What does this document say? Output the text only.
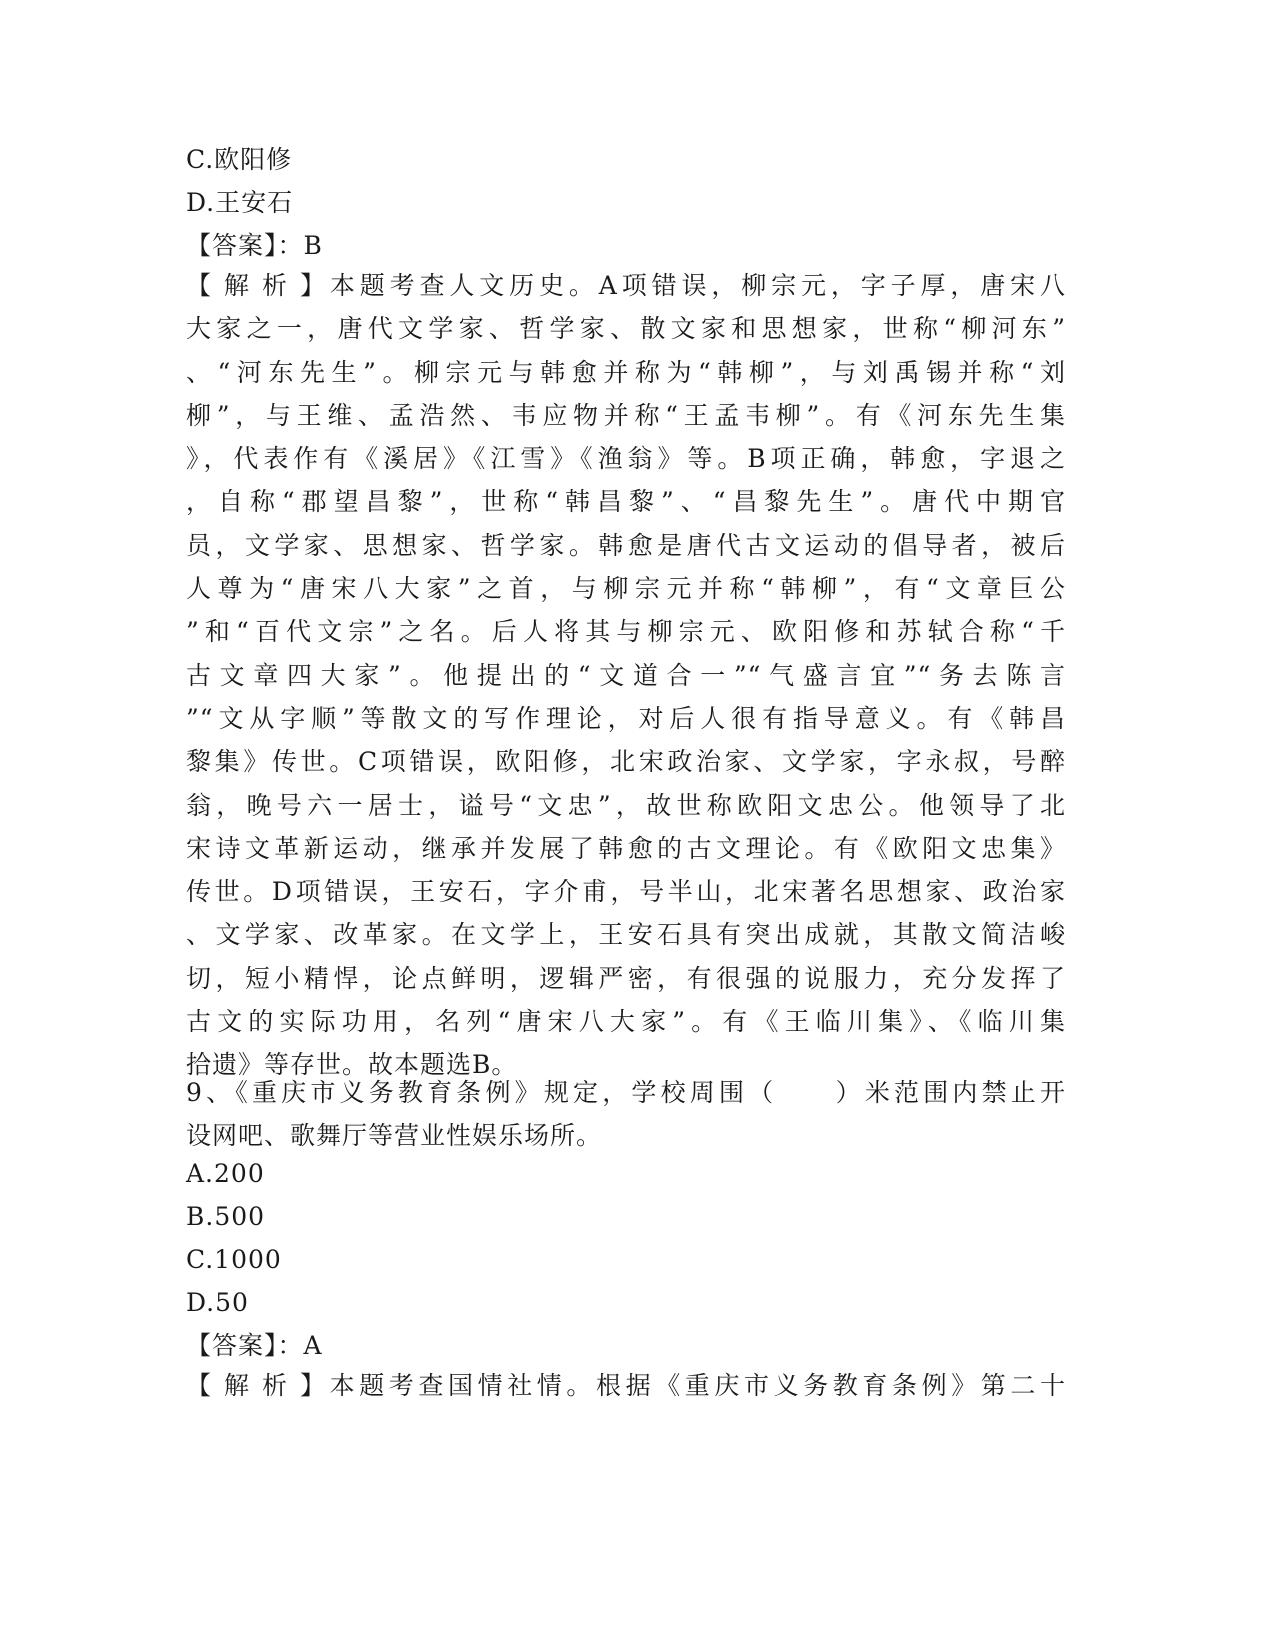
C.欧阳修
D.王安石
【答案】：B
【解析】本题考查人文历史。A项错误，柳宗元，字子厚，唐宋八
大家之一，唐代文学家、哲学家、散文家和思想家，世称“柳河东”
、“河东先生”。柳宗元与韩愈并称为“韩柳”，与刘禹锡并称“刘
柳”，与王维、孟浩然、韦应物并称“王孟韦柳”。有《河东先生集
》，代表作有《溪居》《江雪》《渔翁》等。B项正确，韩愈，字退之
，自称“郡望昌黎”，世称“韩昌黎”、“昌黎先生”。唐代中期官
员，文学家、思想家、哲学家。韩愈是唐代古文运动的倡导者，被后
人尊为“唐宋八大家”之首，与柳宗元并称“韩柳”，有“文章巨公
”和“百代文宗”之名。后人将其与柳宗元、欧阳修和苏轼合称“千
古文章四大家”。他提出的“文道合一”“气盛言宜”“务去陈言
”“文从字顺”等散文的写作理论，对后人很有指导意义。有《韩昌
黎集》传世。C项错误，欧阳修，北宋政治家、文学家，字永叔，号醉
翁，晚号六一居士，谥号“文忠”，故世称欧阳文忠公。他领导了北
宋诗文革新运动，继承并发展了韩愈的古文理论。有《欧阳文忠集》
传世。D项错误，王安石，字介甫，号半山，北宋著名思想家、政治家
、文学家、改革家。在文学上，王安石具有突出成就，其散文简洁峻
切，短小精悍，论点鲜明，逻辑严密，有很强的说服力，充分发挥了
古文的实际功用，名列“唐宋八大家”。有《王临川集》、《临川集
拾遗》等存世。故本题选B。
9、《重庆市义务教育条例》规定，学校周围（　　）米范围内禁止开
设网吧、歌舞厅等营业性娱乐场所。
A.200
B.500
C.1000
D.50
【答案】：A
【解析】本题考查国情社情。根据《重庆市义务教育条例》第二十
